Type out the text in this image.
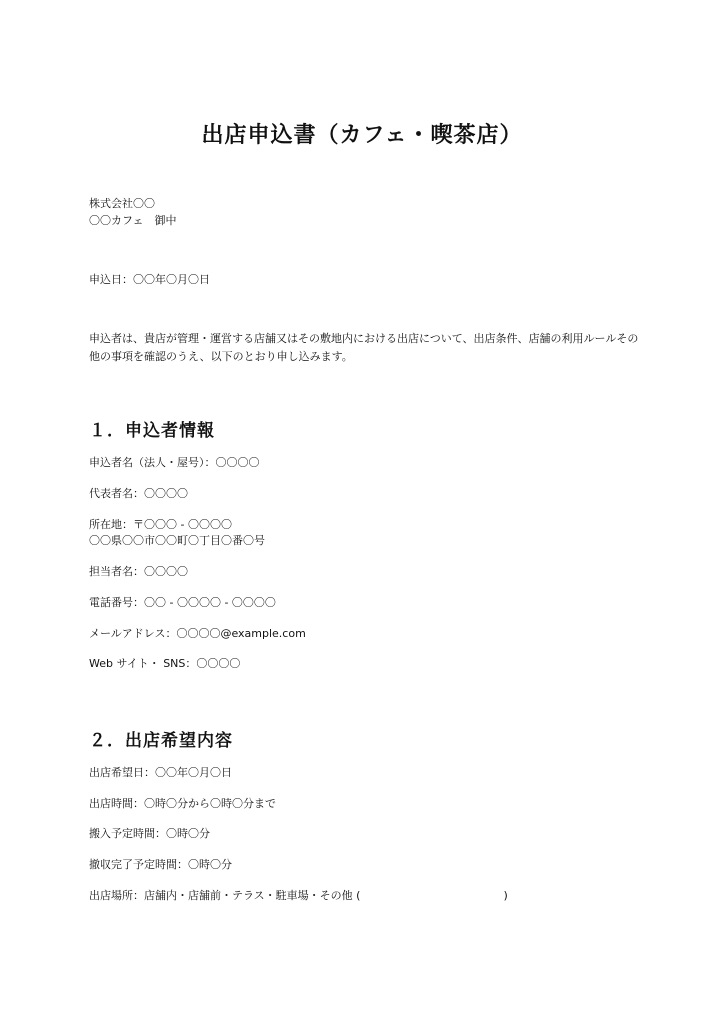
出店申込書（カフェ・喫茶店）
株式会社〇〇
〇〇カフェ　御中
申込日：〇〇年〇月〇日
申込者は、貴店が管理・運営する店舗又はその敷地内における出店について、出店条件、店舗の利用ルールその他の事項を確認のうえ、以下のとおり申し込みます。
１．申込者情報
申込者名（法人・屋号）：〇〇〇〇
代表者名：〇〇〇〇
所在地：〒〇〇〇 - 〇〇〇〇
〇〇県〇〇市〇〇町〇丁目〇番〇号
担当者名：〇〇〇〇
電話番号：〇〇 - 〇〇〇〇 - 〇〇〇〇
メールアドレス：〇〇〇〇@example.com
Web サイト・ SNS：〇〇〇〇
２．出店希望内容
出店希望日：〇〇年〇月〇日
出店時間：〇時〇分から〇時〇分まで
搬入予定時間：〇時〇分
撤収完了予定時間：〇時〇分
出店場所：店舗内・店舗前・テラス・駐車場・その他 (　　　　　　　　　　　　　)
